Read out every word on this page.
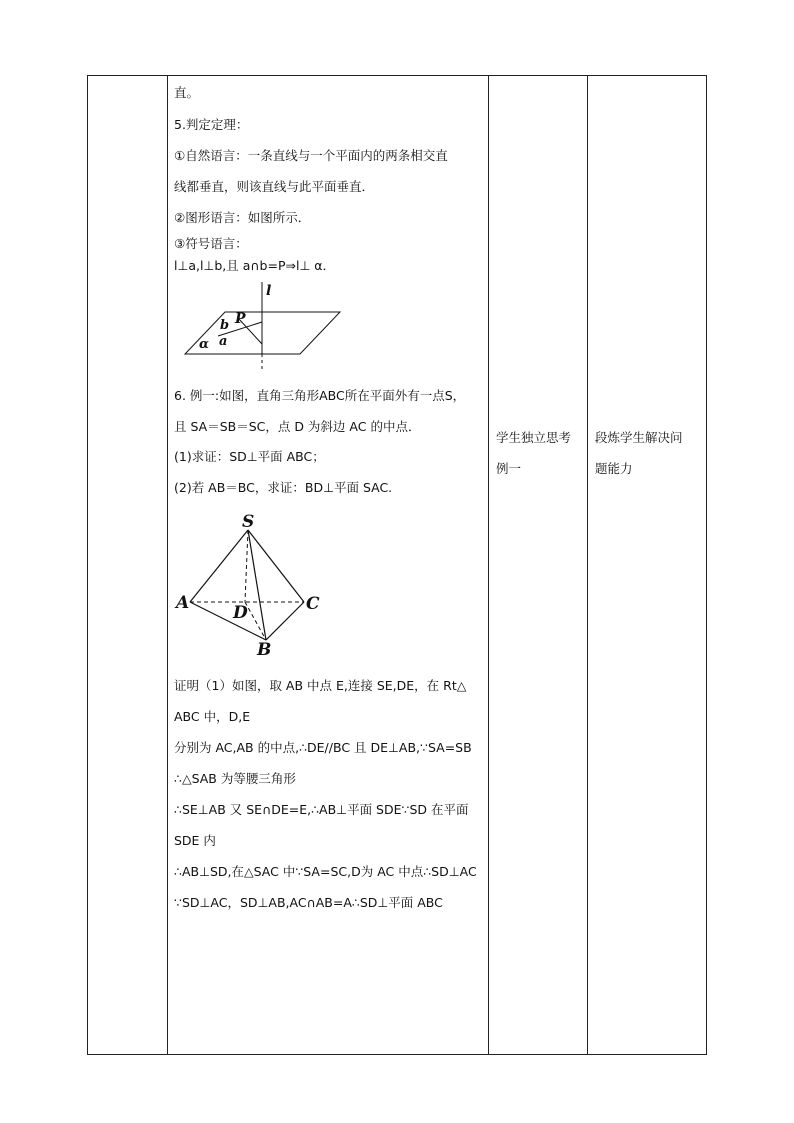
直。
5.判定定理：
①自然语言：一条直线与一个平面内的两条相交直
线都垂直，则该直线与此平面垂直．
②图形语言：如图所示．
③符号语言：
l⊥a,l⊥b,且 a∩b=P⇒l⊥ α．
l
P
b
a
α
6. 例一:如图，直角三角形ABC所在平面外有一点S，
且 SA＝SB＝SC，点 D 为斜边 AC 的中点．
(1)求证：SD⊥平面 ABC；
(2)若 AB＝BC，求证：BD⊥平面 SAC.
S
A	D	C
B
证明（1）如图，取 AB 中点 E,连接 SE,DE，在 Rt△
ABC 中，D,E
分别为 AC,AB 的中点,∴DE//BC 且 DE⊥AB,∵SA=SB
∴△SAB 为等腰三角形
∴SE⊥AB 又 SE∩DE=E,∴AB⊥平面 SDE∵SD 在平面
SDE 内
∴AB⊥SD,在△SAC 中∵SA=SC,D为 AC 中点∴SD⊥AC
∵SD⊥AC，SD⊥AB,AC∩AB=A∴SD⊥平面 ABC
学生独立思考
例一
段炼学生解决问
题能力
